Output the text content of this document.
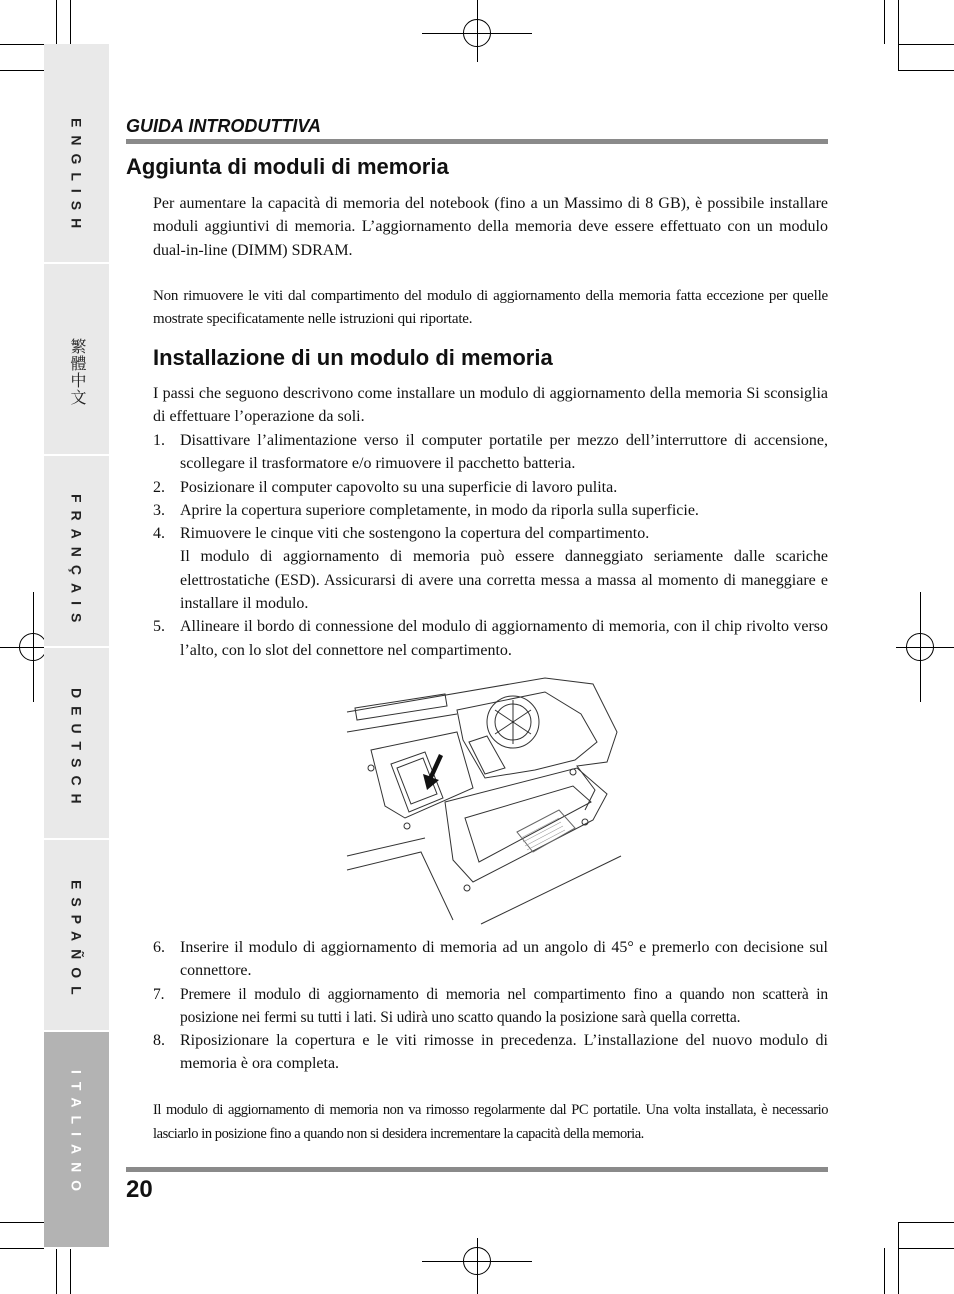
ENGLISH
繁體中文
FRANÇAIS
DEUTSCH
ESPAÑOL
ITALIANO
GUIDA INTRODUTTIVA
Aggiunta di moduli di memoria

Per aumentare la capacità di memoria del notebook (fino a un Massimo di 8 GB), è possibile installare moduli aggiuntivi di memoria. L’aggiornamento della memoria deve essere effettuato con un modulo dual-in-line (DIMM) SDRAM.

Non rimuovere le viti dal compartimento del modulo di aggiornamento della memoria fatta eccezione per quelle mostrate specificatamente nelle istruzioni qui riportate.

Installazione di un modulo di memoria

I passi che seguono descrivono come installare un modulo di aggiornamento della memoria Si sconsiglia di effettuare l’operazione da soli.

1. Disattivare l’alimentazione verso il computer portatile per mezzo dell’interruttore di accensione, scollegare il trasformatore e/o rimuovere il pacchetto batteria.
2. Posizionare il computer capovolto su una superficie di lavoro pulita.
3. Aprire la copertura superiore completamente, in modo da riporla sulla superficie.
4. Rimuovere le cinque viti che sostengono la copertura del compartimento.
Il modulo di aggiornamento di memoria può essere danneggiato seriamente dalle scariche elettrostatiche (ESD). Assicurarsi di avere una corretta messa a massa al momento di maneggiare e installare il modulo.
5. Allineare il bordo di connessione del modulo di aggiornamento di memoria, con il chip rivolto verso l’alto, con lo slot del connettore nel compartimento.
6. Inserire il modulo di aggiornamento di memoria ad un angolo di 45° e premerlo con decisione sul connettore.
7. Premere il modulo di aggiornamento di memoria nel compartimento fino a quando non scatterà in posizione nei fermi su tutti i lati. Si udirà uno scatto quando la posizione sarà quella corretta.
8. Riposizionare la copertura e le viti rimosse in precedenza. L’installazione del nuovo modulo di memoria è ora completa.

Il modulo di aggiornamento di memoria non va rimosso regolarmente dal PC portatile. Una volta installata, è necessario lasciarlo in posizione fino a quando non si desidera incrementare la capacità della memoria.

20
